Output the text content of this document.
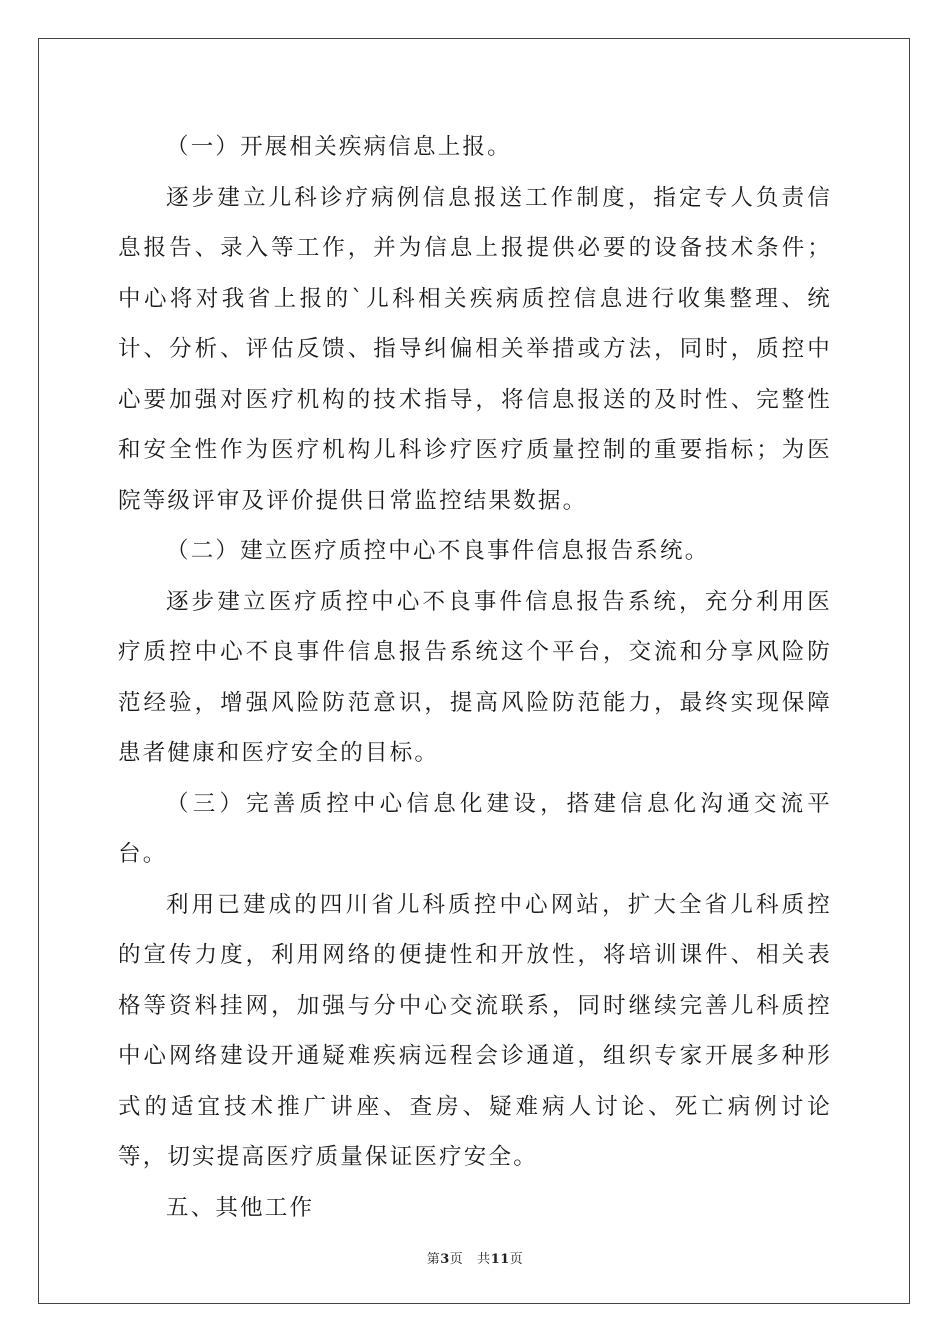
（一）开展相关疾病信息上报。

逐步建立儿科诊疗病例信息报送工作制度，指定专人负责信息报告、录入等工作，并为信息上报提供必要的设备技术条件；中心将对我省上报的`儿科相关疾病质控信息进行收集整理、统计、分析、评估反馈、指导纠偏相关举措或方法，同时，质控中心要加强对医疗机构的技术指导，将信息报送的及时性、完整性和安全性作为医疗机构儿科诊疗医疗质量控制的重要指标；为医院等级评审及评价提供日常监控结果数据。

（二）建立医疗质控中心不良事件信息报告系统。

逐步建立医疗质控中心不良事件信息报告系统，充分利用医疗质控中心不良事件信息报告系统这个平台，交流和分享风险防范经验，增强风险防范意识，提高风险防范能力，最终实现保障患者健康和医疗安全的目标。

（三）完善质控中心信息化建设，搭建信息化沟通交流平台。

利用已建成的四川省儿科质控中心网站，扩大全省儿科质控的宣传力度，利用网络的便捷性和开放性，将培训课件、相关表格等资料挂网，加强与分中心交流联系，同时继续完善儿科质控中心网络建设开通疑难疾病远程会诊通道，组织专家开展多种形式的适宜技术推广讲座、查房、疑难病人讨论、死亡病例讨论等，切实提高医疗质量保证医疗安全。

五、其他工作

第3页 共11页
